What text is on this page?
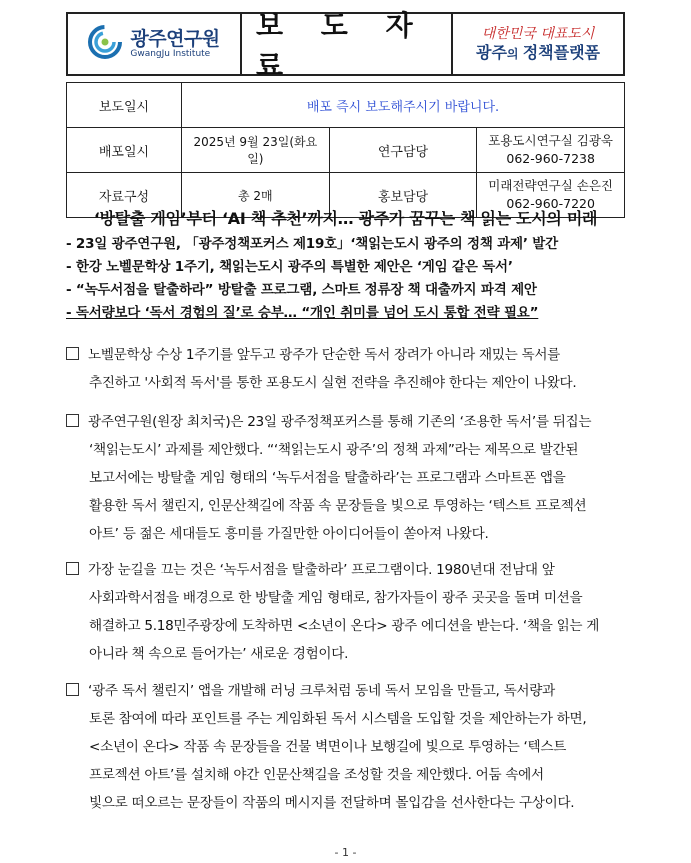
광주연구원
GwangJu Institute
보 도 자 료
대한민국 대표도시
광주의 정책플랫폼
보도일시	배포 즉시 보도해주시기 바랍니다.		
배포일시	2025년 9월 23일(화요일)	연구담당	포용도시연구실 김광욱
062-960-7238

자료구성	총 2매	홍보담당	미래전략연구실 손은진
062-960-7220
‘방탈출 게임’부터 ‘AI 책 추천’까지… 광주가 꿈꾸는 책 읽는 도시의 미래
- 23일 광주연구원, 「광주정책포커스 제19호」‘책읽는도시 광주의 정책 과제’ 발간
- 한강 노벨문학상 1주기, 책읽는도시 광주의 특별한 제안은 ‘게임 같은 독서’
- “녹두서점을 탈출하라” 방탈출 프로그램, 스마트 정류장 책 대출까지 파격 제안
- 독서량보다 ‘독서 경험의 질’로 승부… “개인 취미를 넘어 도시 통합 전략 필요”
노벨문학상 수상 1주기를 앞두고 광주가 단순한 독서 장려가 아니라 재밌는 독서를
추진하고 '사회적 독서'를 통한 포용도시 실현 전략을 추진해야 한다는 제안이 나왔다.
광주연구원(원장 최치국)은 23일 광주정책포커스를 통해 기존의 ‘조용한 독서’를 뒤집는
‘책읽는도시’ 과제를 제안했다. “‘책읽는도시 광주’의 정책 과제”라는 제목으로 발간된
보고서에는 방탈출 게임 형태의 ‘녹두서점을 탈출하라’는 프로그램과 스마트폰 앱을
활용한 독서 챌린지, 인문산책길에 작품 속 문장들을 빛으로 투영하는 ‘텍스트 프로젝션
아트’ 등 젊은 세대들도 흥미를 가질만한 아이디어들이 쏟아져 나왔다.
가장 눈길을 끄는 것은 ‘녹두서점을 탈출하라’ 프로그램이다. 1980년대 전남대 앞
사회과학서점을 배경으로 한 방탈출 게임 형태로, 참가자들이 광주 곳곳을 돌며 미션을
해결하고 5.18민주광장에 도착하면 <소년이 온다> 광주 에디션을 받는다. ‘책을 읽는 게
아니라 책 속으로 들어가는’ 새로운 경험이다.
‘광주 독서 챌린지’ 앱을 개발해 러닝 크루처럼 동네 독서 모임을 만들고, 독서량과
토론 참여에 따라 포인트를 주는 게임화된 독서 시스템을 도입할 것을 제안하는가 하면,
<소년이 온다> 작품 속 문장들을 건물 벽면이나 보행길에 빛으로 투영하는 ‘텍스트
프로젝션 아트’를 설치해 야간 인문산책길을 조성할 것을 제안했다. 어둠 속에서
빛으로 떠오르는 문장들이 작품의 메시지를 전달하며 몰입감을 선사한다는 구상이다.
- 1 -
